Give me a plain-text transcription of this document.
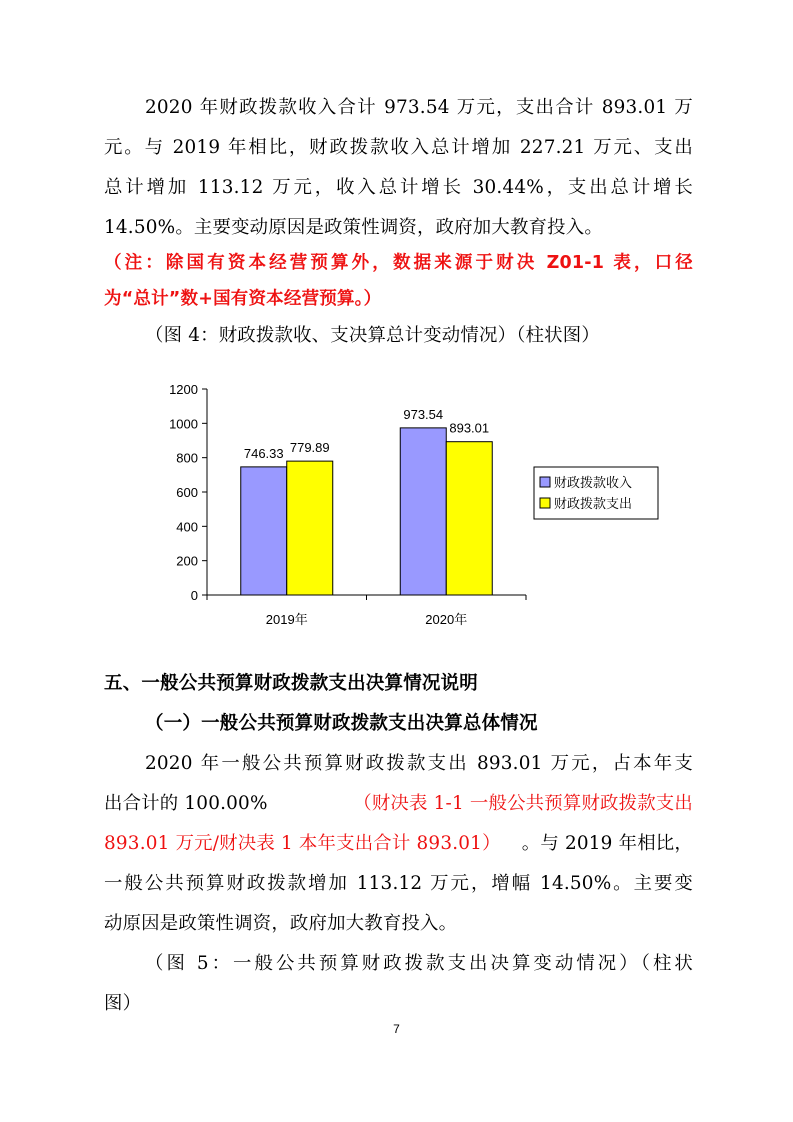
2020 年财政拨款收入合计 973.54 万元，支出合计 893.01 万
元。与 2019 年相比，财政拨款收入总计增加 227.21 万元、支出
总计增加 113.12 万元，收入总计增长 30.44%，支出总计增长
14.50%。主要变动原因是政策性调资，政府加大教育投入。
（注：除国有资本经营预算外，数据来源于财决 Z01-1 表，口径
为“总计”数+国有资本经营预算。）
（图 4：财政拨款收、支决算总计变动情况）（柱状图）
0
200
400
600
800
1000
1200
746.33 779.89
973.54
893.01
2019年	2020年
财政拨款收入
财政拨款支出
五、一般公共预算财政拨款支出决算情况说明
（一）一般公共预算财政拨款支出决算总体情况
2020 年一般公共预算财政拨款支出 893.01 万元，占本年支
出合计的 100.00%	（财决表 1-1 一般公共预算财政拨款支出
893.01 万元/财决表 1 本年支出合计 893.01） 。与 2019 年相比，
一般公共预算财政拨款增加 113.12 万元，增幅 14.50%。主要变
动原因是政策性调资，政府加大教育投入。
（图 5：一般公共预算财政拨款支出决算变动情况）（柱状
图）
7
